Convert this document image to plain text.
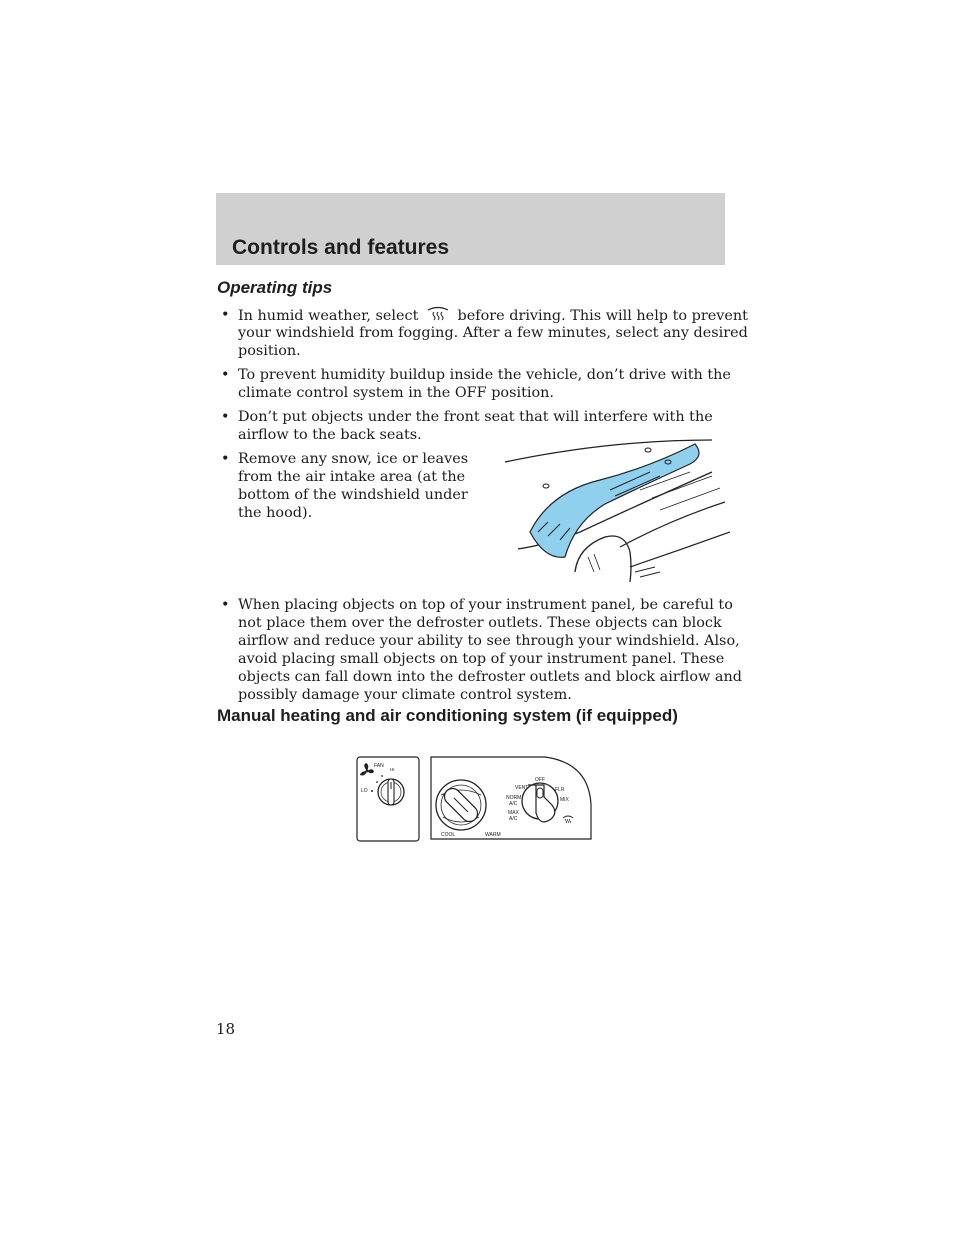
Controls and features
Operating tips
• In humid weather, select	before driving. This will help to prevent
your windshield from fogging. After a few minutes, select any desired
position.
• To prevent humidity buildup inside the vehicle, don’t drive with the
climate control system in the OFF position.
• Don’t put objects under the front seat that will interfere with the
airflow to the back seats.
• Remove any snow, ice or leaves
from the air intake area (at the
bottom of the windshield under
the hood).
• When placing objects on top of your instrument panel, be careful to
not place them over the defroster outlets. These objects can block
airflow and reduce your ability to see through your windshield. Also,
avoid placing small objects on top of your instrument panel. These
objects can fall down into the defroster outlets and block airflow and
possibly damage your climate control system.
Manual heating and air conditioning system (if equipped)
FAN
LO
HI
COOL	WARM
OFF
VENT	FLR
NORM
A/C
MIX
MAX
A/C
18
